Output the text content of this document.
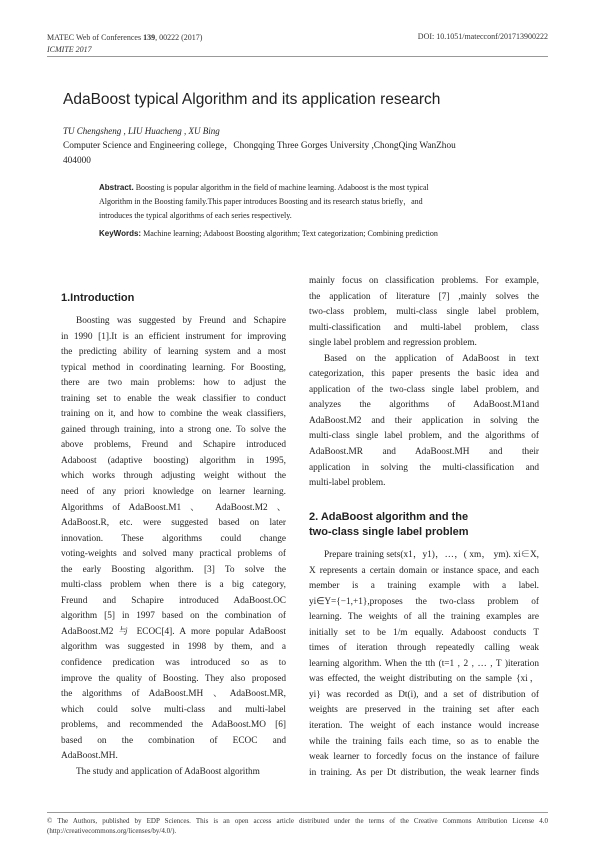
MATEC Web of Conferences 139, 00222 (2017)
ICMITE 2017
DOI: 10.1051/matecconf/201713900222
AdaBoost typical Algorithm and its application research
TU Chengsheng , LIU Huacheng , XU Bing
Computer Science and Engineering college，Chongqing Three Gorges University ,ChongQing WanZhou
404000
Abstract. Boosting is popular algorithm in the field of machine learning. Adaboost is the most typical
Algorithm in the Boosting family.This paper introduces Boosting and its research status briefly，and
introduces the typical algorithms of each series respectively.
KeyWords: Machine learning; Adaboost Boosting algorithm; Text categorization; Combining prediction
1.Introduction
Boosting was suggested by Freund and Schapire
in 1990 [1].It is an efficient instrument for improving
the predicting ability of learning system and a most
typical method in coordinating learning. For Boosting,
there are two main problems: how to adjust the
training set to enable the weak classifier to conduct
training on it, and how to combine the weak classifiers,
gained through training, into a strong one. To solve the
above problems, Freund and Schapire introduced
Adaboost (adaptive boosting) algorithm in 1995,
which works through adjusting weight without the
need of any priori knowledge on learner learning.
Algorithms of AdaBoost.M1 、 AdaBoost.M2 、
AdaBoost.R, etc. were suggested based on later
innovation. These algorithms could change
voting-weights and solved many practical problems of
the early Boosting algorithm. [3] To solve the
multi-class problem when there is a big category,
Freund and Schapire introduced AdaBoost.OC
algorithm [5] in 1997 based on the combination of
AdaBoost.M2 与 ECOC[4]. A more popular AdaBoost
algorithm was suggested in 1998 by them, and a
confidence predication was introduced so as to
improve the quality of Boosting. They also proposed
the algorithms of AdaBoost.MH 、AdaBoost.MR,
which could solve multi-class and multi-label
problems, and recommended the AdaBoost.MO [6]
based on the combination of ECOC and
AdaBoost.MH.
The study and application of AdaBoost algorithm
mainly focus on classification problems. For example,
the application of literature [7] ,mainly solves the
two-class problem, multi-class single label problem,
multi-classification and multi-label problem, class
single label problem and regression problem.
Based on the application of AdaBoost in text
categorization, this paper presents the basic idea and
application of the two-class single label problem, and
analyzes the algorithms of AdaBoost.M1and
AdaBoost.M2 and their application in solving the
multi-class single label problem, and the algorithms of
AdaBoost.MR and AdaBoost.MH and their
application in solving the multi-classification and
multi-label problem.
2. AdaBoost algorithm and the
two-class single label problem
Prepare training sets(x1，y1)，…，( xm， ym). xi∈X,
X represents a certain domain or instance space, and each
member is a training example with a label.
yi∈Y={−1,+1},proposes the two-class problem of
learning. The weights of all the training examples are
initially set to be 1/m equally. Adaboost conducts T
times of iteration through repeatedly calling weak
learning algorithm. When the tth (t=1 , 2 , … , T )iteration
was effected, the weight distributing on the sample {xi，
yi} was recorded as Dt(i), and a set of distribution of
weights are preserved in the training set after each
iteration. The weight of each instance would increase
while the training fails each time, so as to enable the
weak learner to forcedly focus on the instance of failure
in training. As per Dt distribution, the weak learner finds
© The Authors, published by EDP Sciences. This is an open access article distributed under the terms of the Creative Commons Attribution License 4.0 (http://creativecommons.org/licenses/by/4.0/).
